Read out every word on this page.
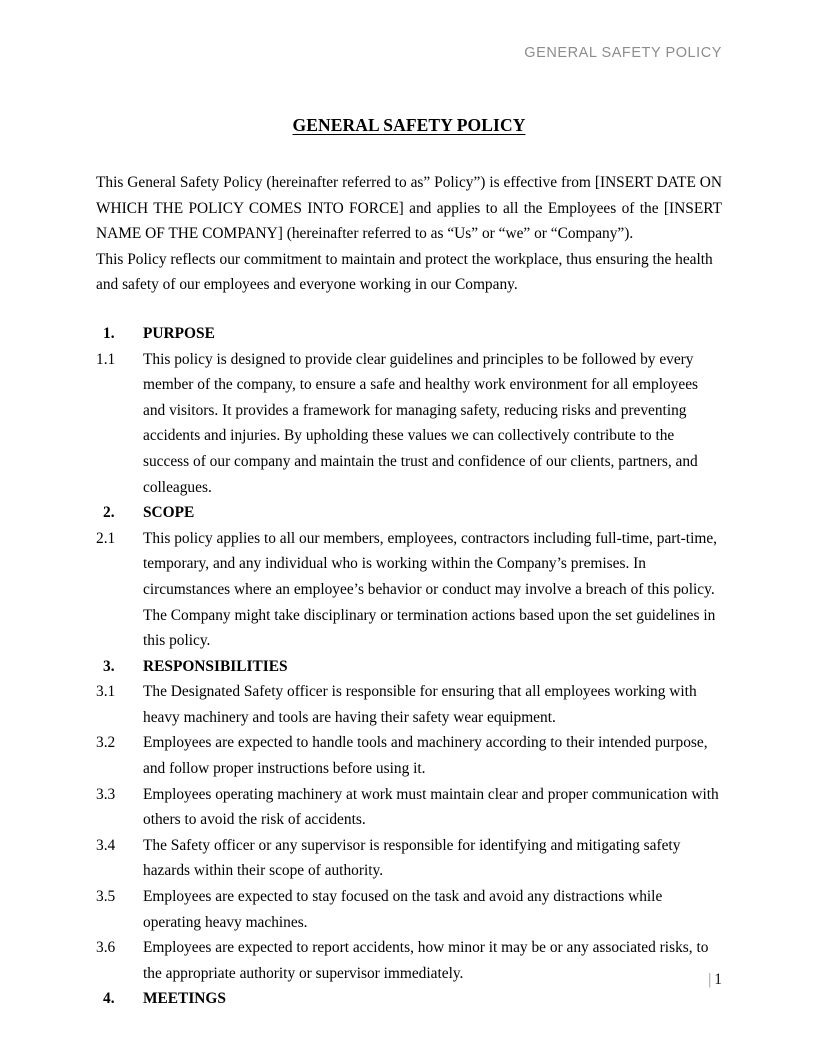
GENERAL SAFETY POLICY
GENERAL SAFETY POLICY

This General Safety Policy (hereinafter referred to as” Policy”) is effective from [INSERT DATE ON WHICH THE POLICY COMES INTO FORCE] and applies to all the Employees of the [INSERT NAME OF THE COMPANY] (hereinafter referred to as “Us” or “we” or “Company”).

This Policy reflects our commitment to maintain and protect the workplace, thus ensuring the health and safety of our employees and everyone working in our Company.

1.	PURPOSE
1.1	This policy is designed to provide clear guidelines and principles to be followed by every member of the company, to ensure a safe and healthy work environment for all employees and visitors. It provides a framework for managing safety, reducing risks and preventing accidents and injuries. By upholding these values we can collectively contribute to the success of our company and maintain the trust and confidence of our clients, partners, and colleagues.

2.	SCOPE
2.1	This policy applies to all our members, employees, contractors including full-time, part-time, temporary, and any individual who is working within the Company’s premises. In circumstances where an employee’s behavior or conduct may involve a breach of this policy. The Company might take disciplinary or termination actions based upon the set guidelines in this policy.

3.	RESPONSIBILITIES
3.1	The Designated Safety officer is responsible for ensuring that all employees working with heavy machinery and tools are having their safety wear equipment.

3.2	Employees are expected to handle tools and machinery according to their intended purpose, and follow proper instructions before using it.

3.3	Employees operating machinery at work must maintain clear and proper communication with others to avoid the risk of accidents.

3.4	The Safety officer or any supervisor is responsible for identifying and mitigating safety hazards within their scope of authority.

3.5	Employees are expected to stay focused on the task and avoid any distractions while operating heavy machines.

3.6	Employees are expected to report accidents, how minor it may be or any associated risks, to the appropriate authority or supervisor immediately.

4.	MEETINGS
| 1
